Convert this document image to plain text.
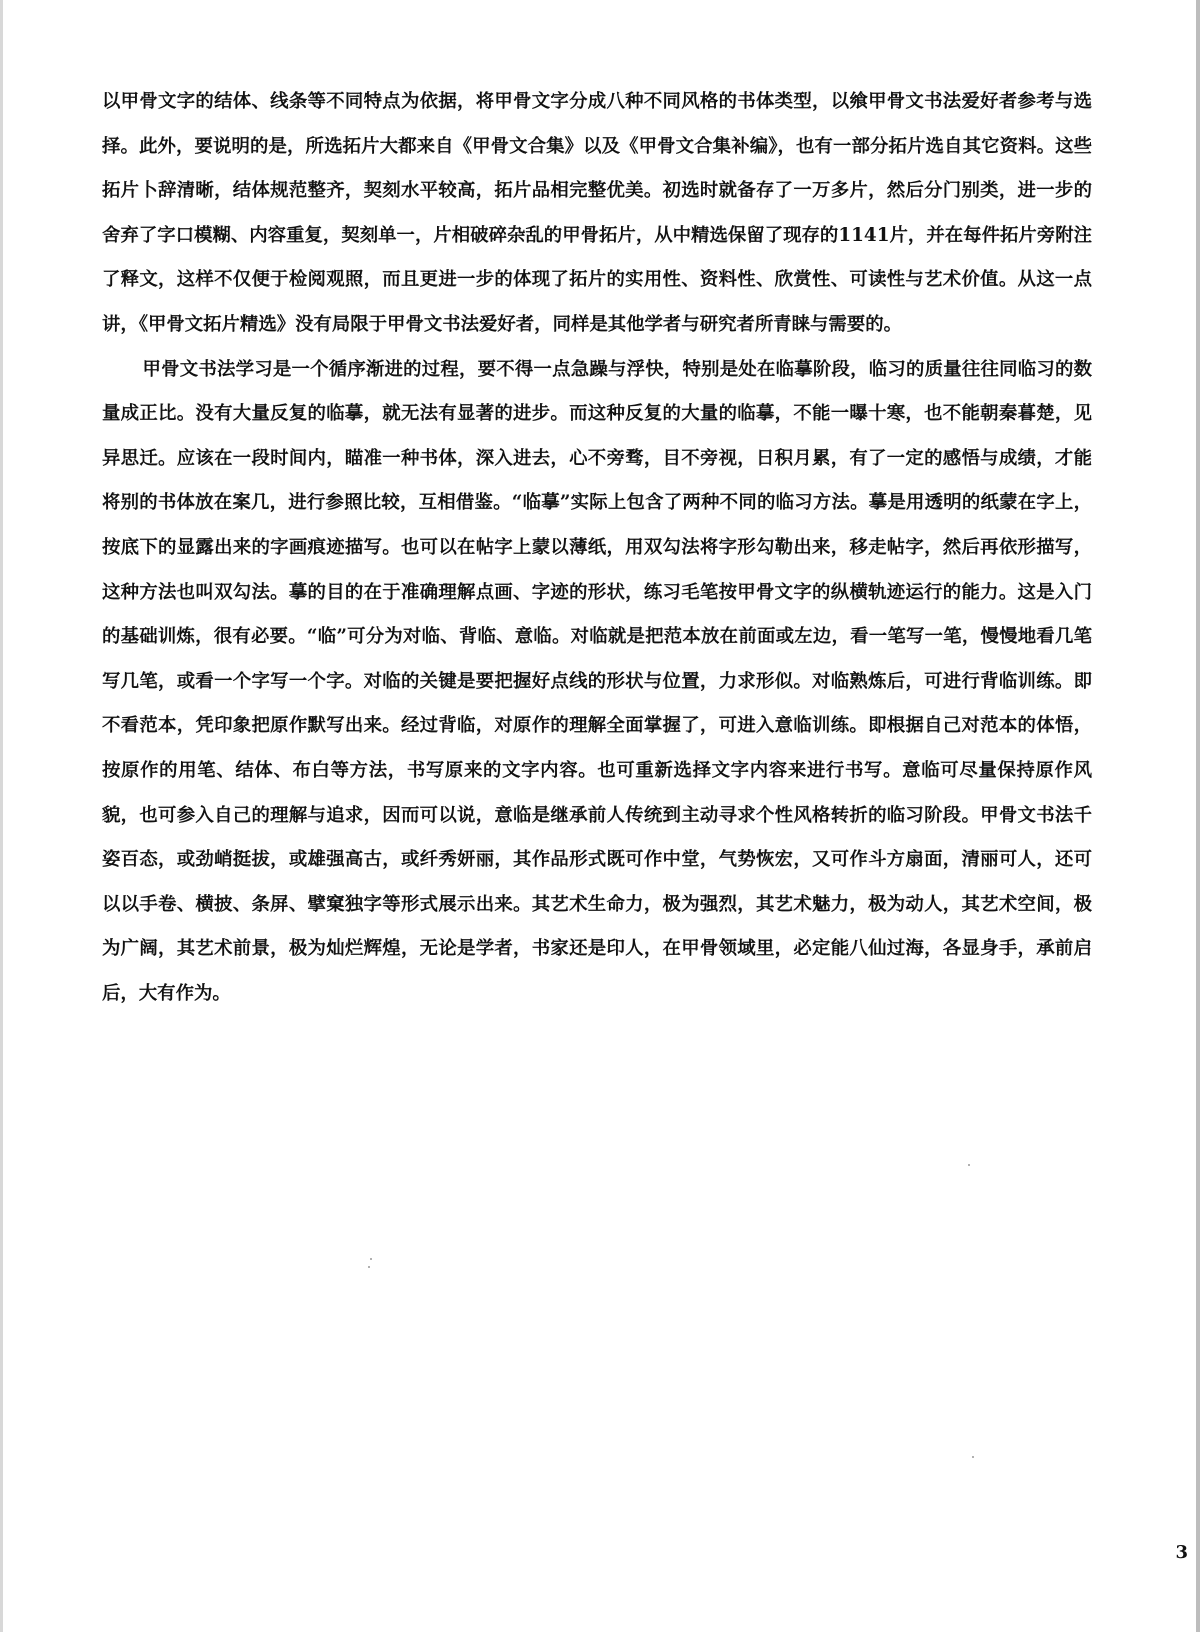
以甲骨文字的结体、线条等不同特点为依据，将甲骨文字分成八种不同风格的书体类型，以飨甲骨文书法爱好者参考与选择。此外，要说明的是，所选拓片大都来自《甲骨文合集》以及《甲骨文合集补编》，也有一部分拓片选自其它资料。这些拓片卜辞清晰，结体规范整齐，契刻水平较高，拓片品相完整优美。初选时就备存了一万多片，然后分门别类，进一步的舍弃了字口模糊、内容重复，契刻单一，片相破碎杂乱的甲骨拓片，从中精选保留了现存的1141片，并在每件拓片旁附注了释文，这样不仅便于检阅观照，而且更进一步的体现了拓片的实用性、资料性、欣赏性、可读性与艺术价值。从这一点讲，《甲骨文拓片精选》没有局限于甲骨文书法爱好者，同样是其他学者与研究者所青睐与需要的。

甲骨文书法学习是一个循序渐进的过程，要不得一点急躁与浮快，特别是处在临摹阶段，临习的质量往往同临习的数量成正比。没有大量反复的临摹，就无法有显著的进步。而这种反复的大量的临摹，不能一曝十寒，也不能朝秦暮楚，见异思迁。应该在一段时间内，瞄准一种书体，深入进去，心不旁骛，目不旁视，日积月累，有了一定的感悟与成绩，才能将别的书体放在案几，进行参照比较，互相借鉴。“临摹”实际上包含了两种不同的临习方法。摹是用透明的纸蒙在字上，按底下的显露出来的字画痕迹描写。也可以在帖字上蒙以薄纸，用双勾法将字形勾勒出来，移走帖字，然后再依形描写，这种方法也叫双勾法。摹的目的在于准确理解点画、字迹的形状，练习毛笔按甲骨文字的纵横轨迹运行的能力。这是入门的基础训炼，很有必要。“临”可分为对临、背临、意临。对临就是把范本放在前面或左边，看一笔写一笔，慢慢地看几笔写几笔，或看一个字写一个字。对临的关键是要把握好点线的形状与位置，力求形似。对临熟炼后，可进行背临训练。即不看范本，凭印象把原作默写出来。经过背临，对原作的理解全面掌握了，可进入意临训练。即根据自己对范本的体悟，按原作的用笔、结体、布白等方法，书写原来的文字内容。也可重新选择文字内容来进行书写。意临可尽量保持原作风貌，也可参入自己的理解与追求，因而可以说，意临是继承前人传统到主动寻求个性风格转折的临习阶段。甲骨文书法千姿百态，或劲峭挺拔，或雄强高古，或纤秀妍丽，其作品形式既可作中堂，气势恢宏，又可作斗方扇面，清丽可人，还可以以手卷、横披、条屏、擘窠独字等形式展示出来。其艺术生命力，极为强烈，其艺术魅力，极为动人，其艺术空间，极为广阔，其艺术前景，极为灿烂辉煌，无论是学者，书家还是印人，在甲骨领域里，必定能八仙过海，各显身手，承前启后，大有作为。

3
